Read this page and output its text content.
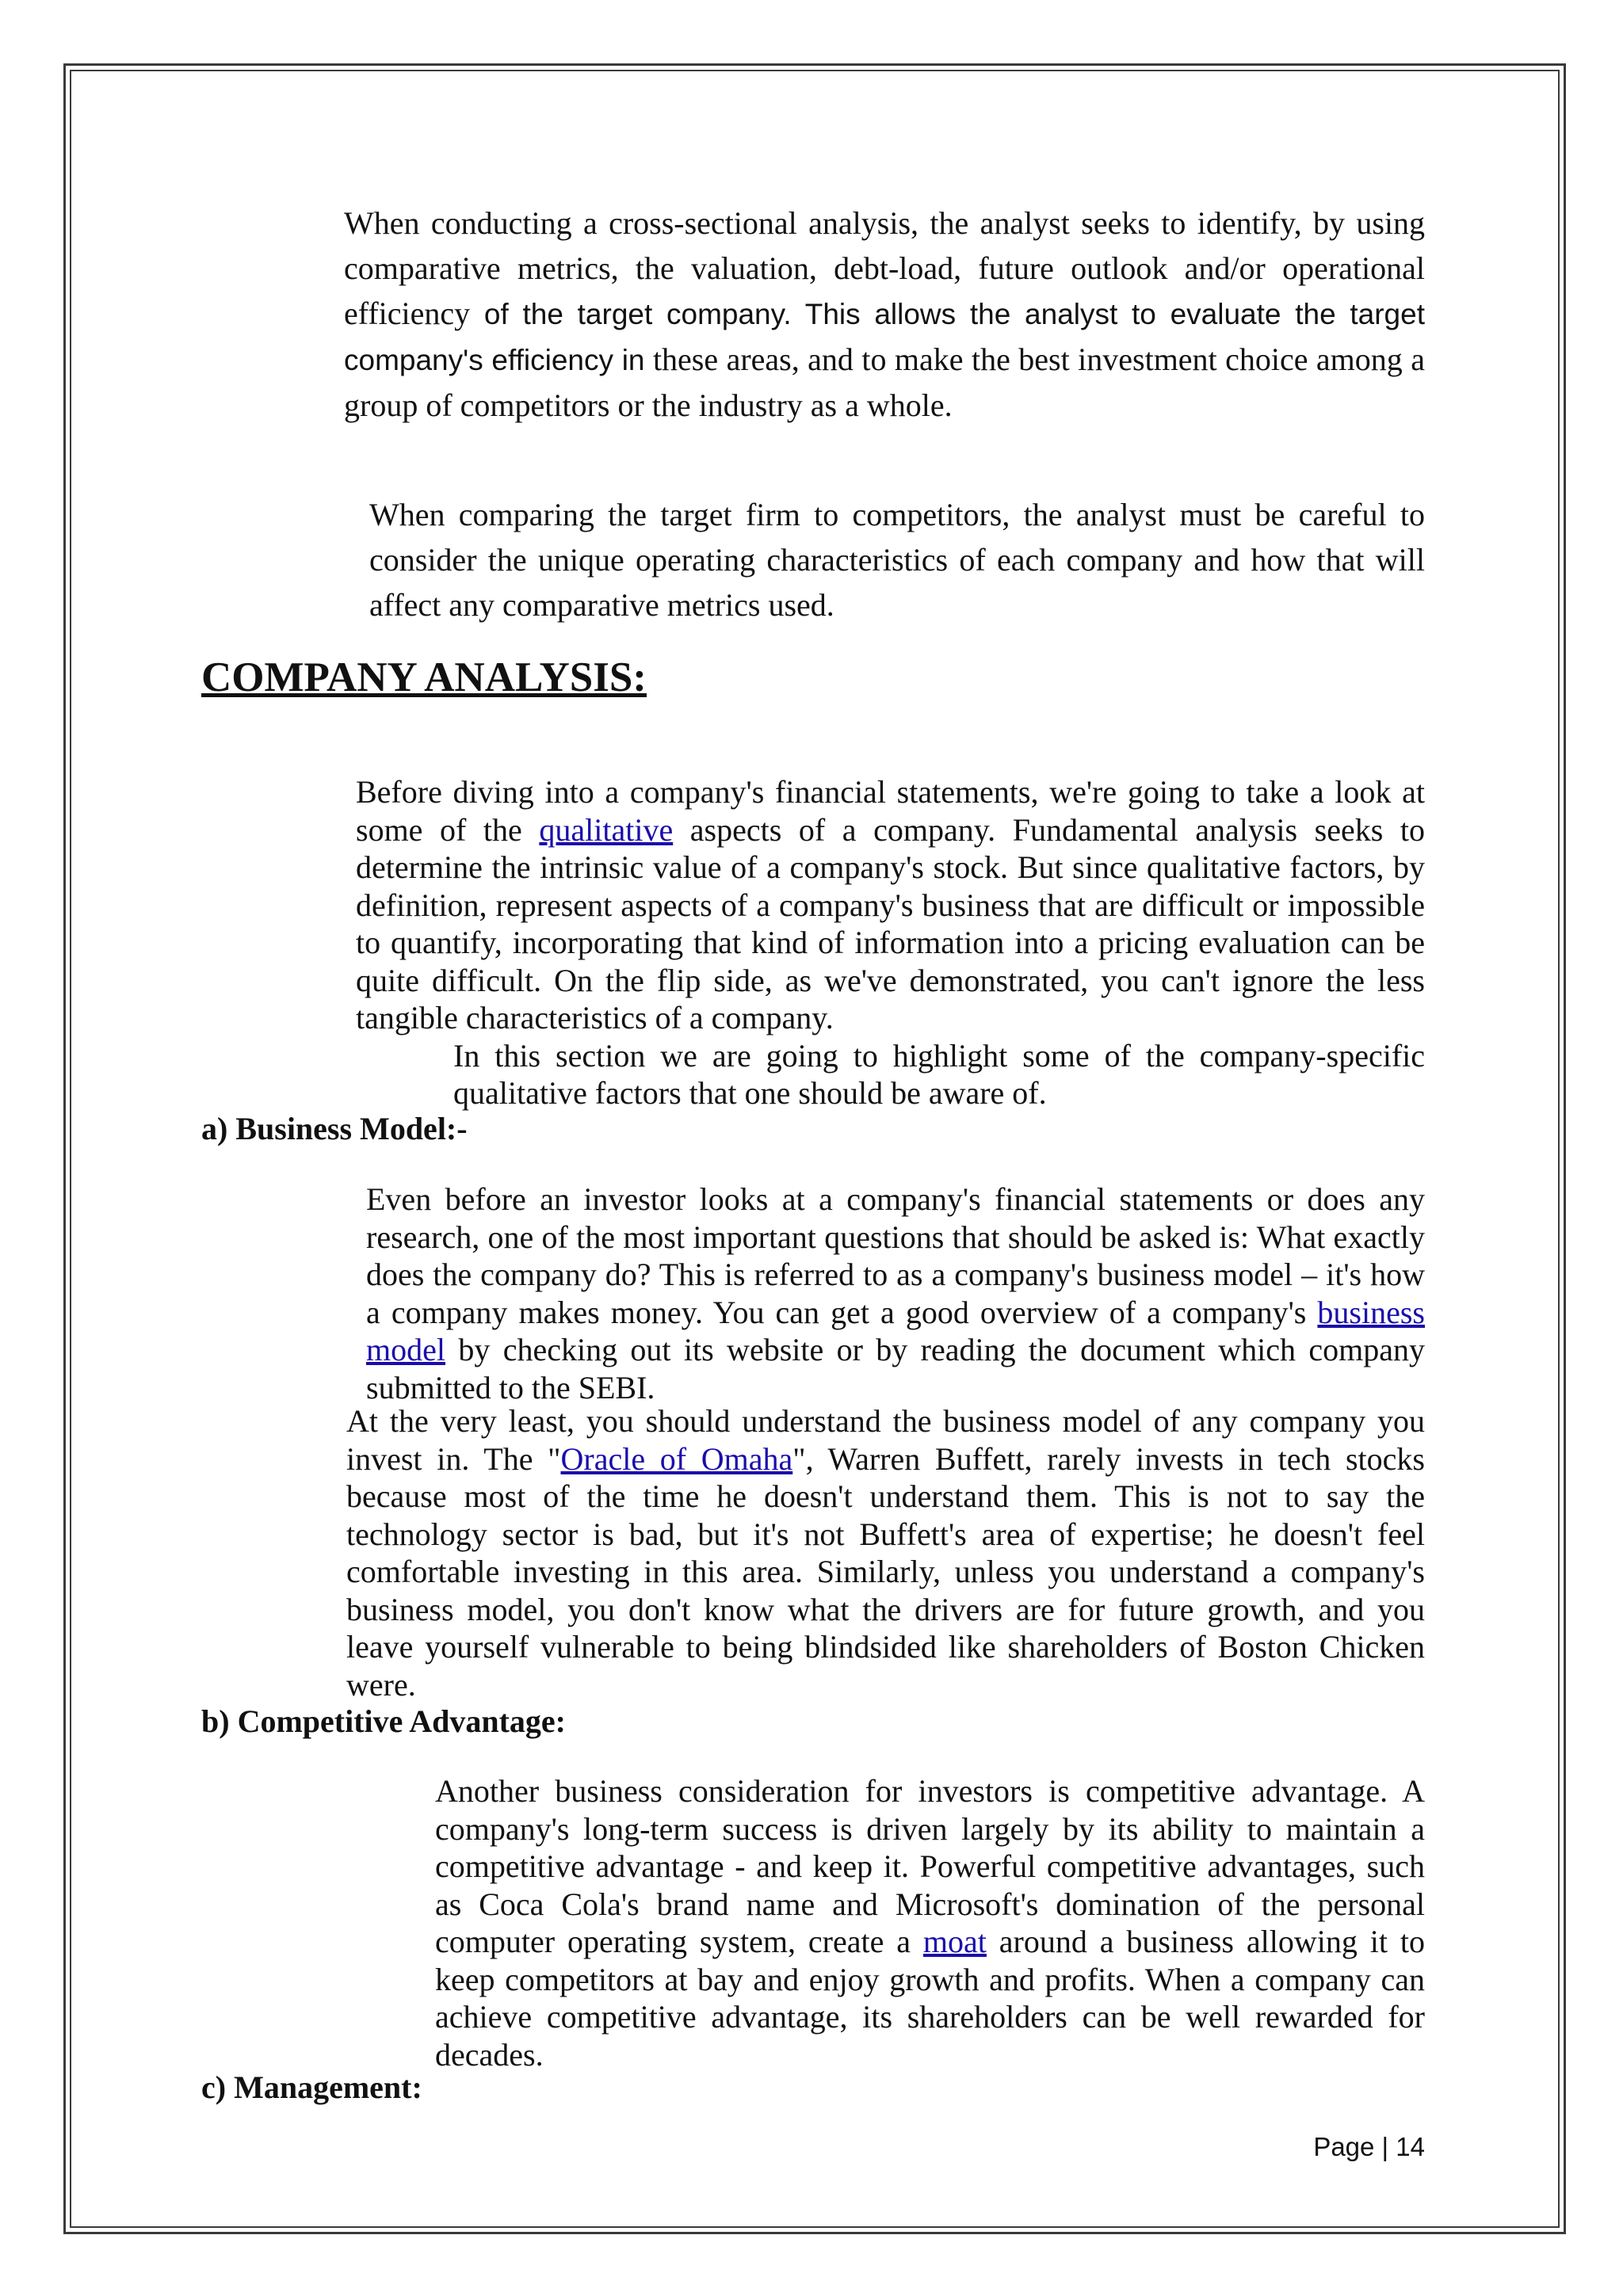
When conducting a cross-sectional analysis, the analyst seeks to identify, by using comparative metrics, the valuation, debt-load, future outlook and/or operational efficiency of the target company. This allows the analyst to evaluate the target company's efficiency in these areas, and to make the best investment choice among a group of competitors or the industry as a whole.

When comparing the target firm to competitors, the analyst must be careful to consider the unique operating characteristics of each company and how that will affect any comparative metrics used.

COMPANY ANALYSIS:

Before diving into a company's financial statements, we're going to take a look at some of the qualitative aspects of a company. Fundamental analysis seeks to determine the intrinsic value of a company's stock. But since qualitative factors, by definition, represent aspects of a company's business that are difficult or impossible to quantify, incorporating that kind of information into a pricing evaluation can be quite difficult. On the flip side, as we've demonstrated, you can't ignore the less tangible characteristics of a company.

In this section we are going to highlight some of the company-specific qualitative factors that one should be aware of.

a) Business Model:-

Even before an investor looks at a company's financial statements or does any research, one of the most important questions that should be asked is: What exactly does the company do? This is referred to as a company's business model – it's how a company makes money. You can get a good overview of a company's business model by checking out its website or by reading the document which company submitted to the SEBI.

At the very least, you should understand the business model of any company you invest in. The "Oracle of Omaha", Warren Buffett, rarely invests in tech stocks because most of the time he doesn't understand them. This is not to say the technology sector is bad, but it's not Buffett's area of expertise; he doesn't feel comfortable investing in this area. Similarly, unless you understand a company's business model, you don't know what the drivers are for future growth, and you leave yourself vulnerable to being blindsided like shareholders of Boston Chicken were.

b) Competitive Advantage:

Another business consideration for investors is competitive advantage. A company's long-term success is driven largely by its ability to maintain a competitive advantage - and keep it. Powerful competitive advantages, such as Coca Cola's brand name and Microsoft's domination of the personal computer operating system, create a moat around a business allowing it to keep competitors at bay and enjoy growth and profits. When a company can achieve competitive advantage, its shareholders can be well rewarded for decades.

c) Management:

Page | 14
